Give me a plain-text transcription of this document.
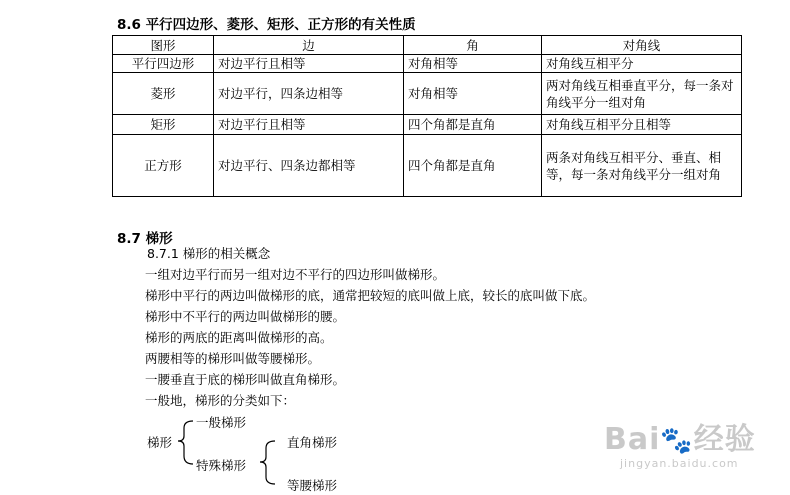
8.6 平行四边形、菱形、矩形、正方形的有关性质
图形	边	角	对角线
平行四边形	对边平行且相等	对角相等	对角线互相平分
菱形	对边平行，四条边相等	对角相等	两对角线互相垂直平分，每一条对角线平分一组对角
矩形	对边平行且相等	四个角都是直角	对角线互相平分且相等
正方形	对边平行、四条边都相等	四个角都是直角	两条对角线互相平分、垂直、相等，每一条对角线平分一组对角
8.7 梯形
8.7.1 梯形的相关概念
一组对边平行而另一组对边不平行的四边形叫做梯形。
梯形中平行的两边叫做梯形的底，通常把较短的底叫做上底，较长的底叫做下底。
梯形中不平行的两边叫做梯形的腰。
梯形的两底的距离叫做梯形的高。
两腰相等的梯形叫做等腰梯形。
一腰垂直于底的梯形叫做直角梯形。
一般地，梯形的分类如下：
梯形
一般梯形
特殊梯形
直角梯形
等腰梯形
Bai🐾经验
jingyan.baidu.com
